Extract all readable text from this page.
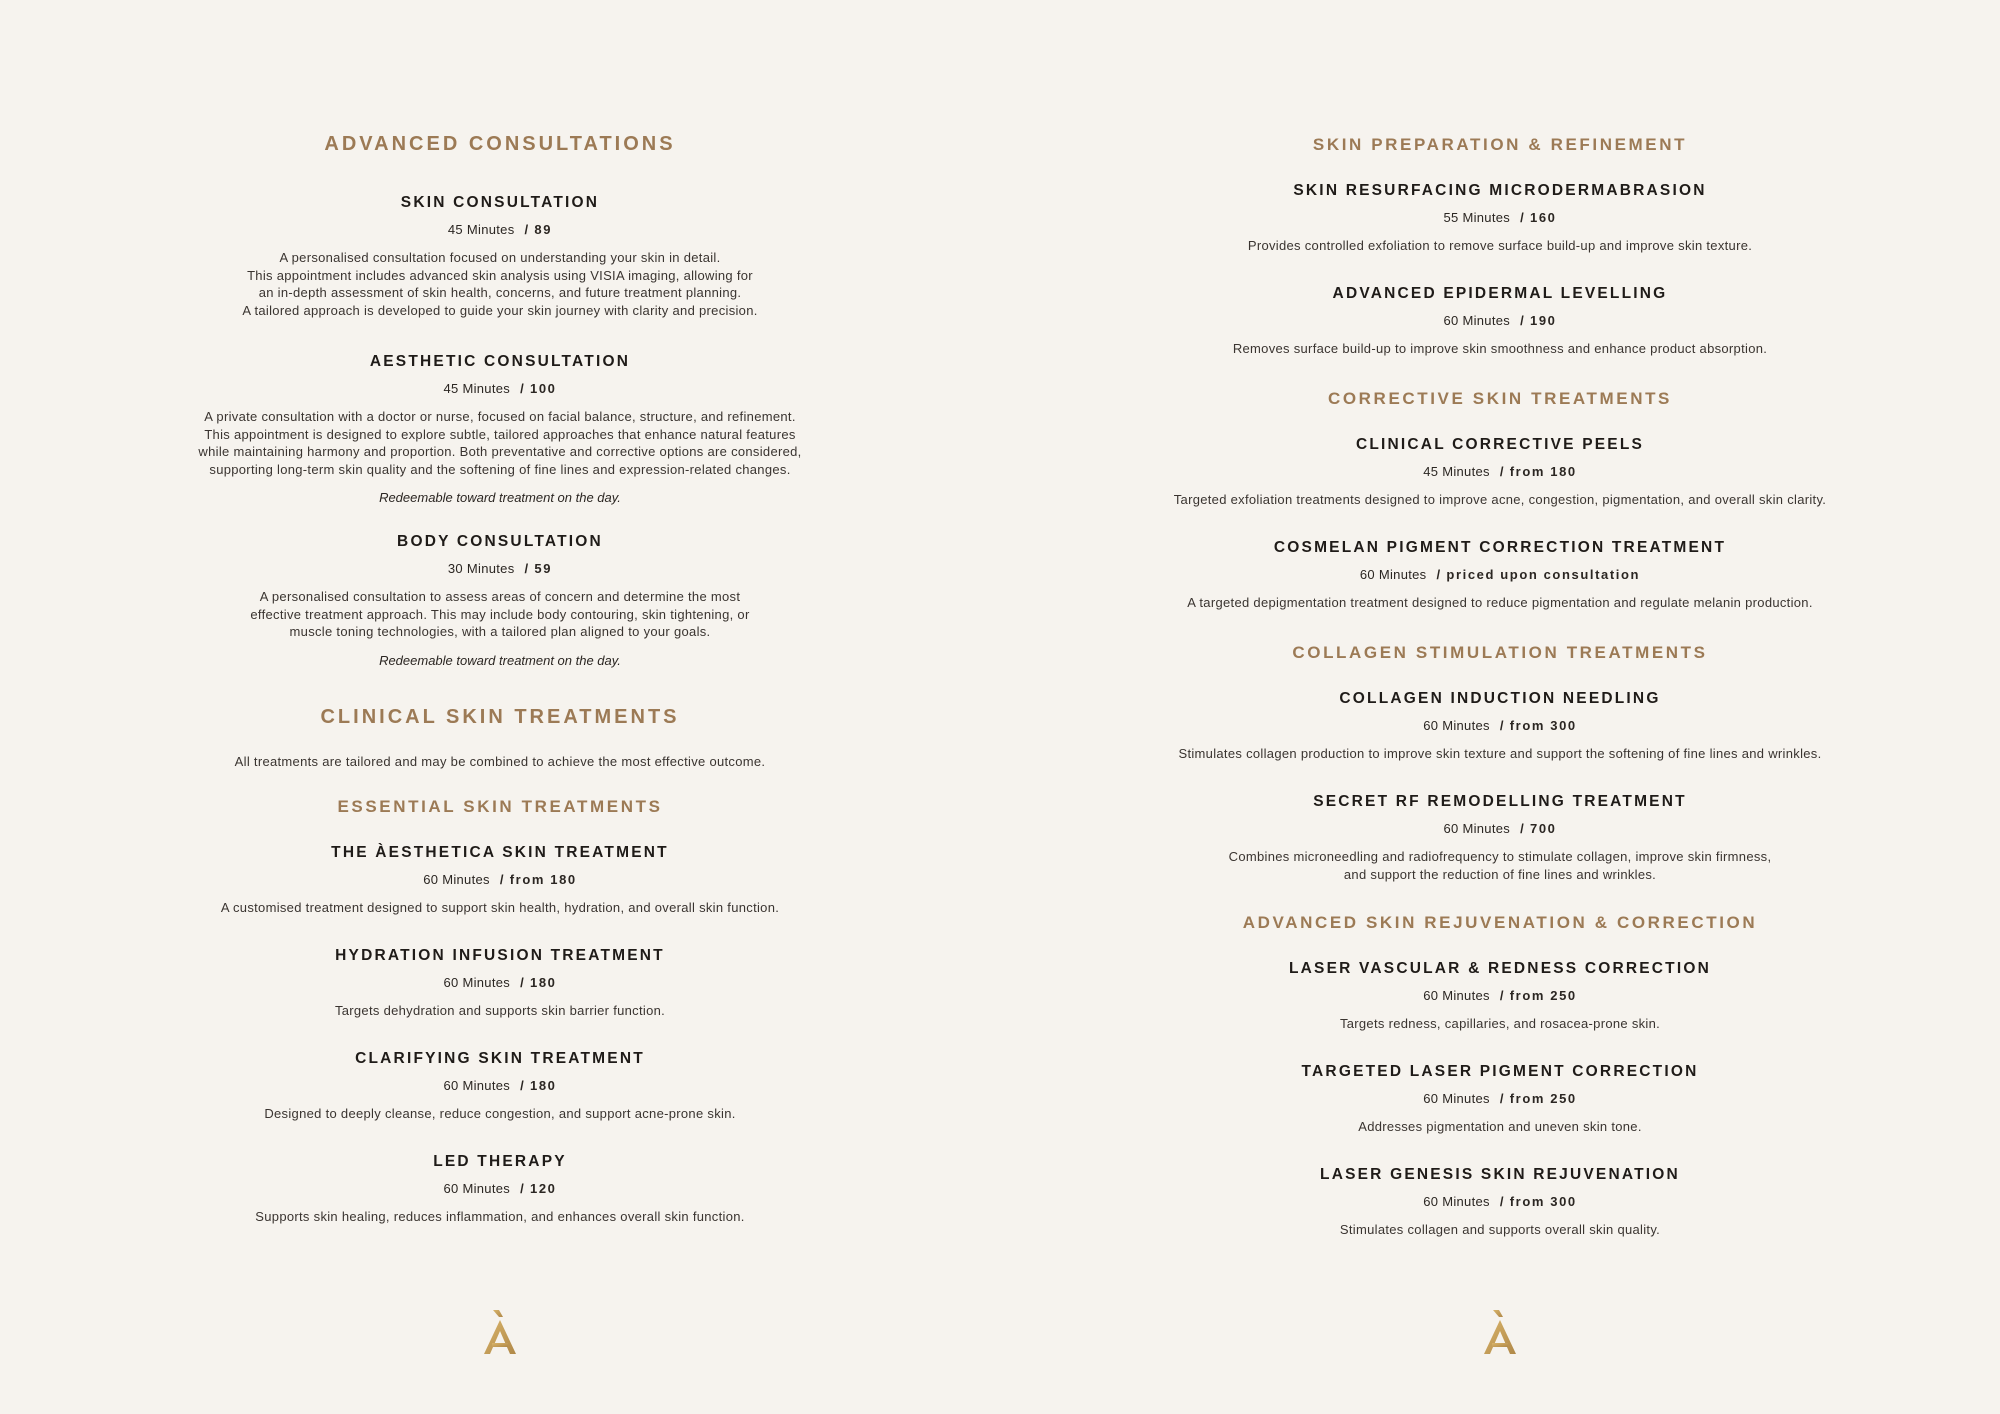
ADVANCED CONSULTATIONS
SKIN CONSULTATION
45 Minutes / 89
A personalised consultation focused on understanding your skin in detail.
This appointment includes advanced skin analysis using VISIA imaging, allowing for
an in-depth assessment of skin health, concerns, and future treatment planning.
A tailored approach is developed to guide your skin journey with clarity and precision.
AESTHETIC CONSULTATION
45 Minutes / 100
A private consultation with a doctor or nurse, focused on facial balance, structure, and refinement.
This appointment is designed to explore subtle, tailored approaches that enhance natural features
while maintaining harmony and proportion. Both preventative and corrective options are considered,
supporting long-term skin quality and the softening of fine lines and expression-related changes.
Redeemable toward treatment on the day.
BODY CONSULTATION
30 Minutes / 59
A personalised consultation to assess areas of concern and determine the most
effective treatment approach. This may include body contouring, skin tightening, or
muscle toning technologies, with a tailored plan aligned to your goals.
Redeemable toward treatment on the day.
CLINICAL SKIN TREATMENTS
All treatments are tailored and may be combined to achieve the most effective outcome.
ESSENTIAL SKIN TREATMENTS
THE ÀESTHETICA SKIN TREATMENT
60 Minutes / from 180
A customised treatment designed to support skin health, hydration, and overall skin function.
HYDRATION INFUSION TREATMENT
60 Minutes / 180
Targets dehydration and supports skin barrier function.
CLARIFYING SKIN TREATMENT
60 Minutes / 180
Designed to deeply cleanse, reduce congestion, and support acne-prone skin.
LED THERAPY
60 Minutes / 120
Supports skin healing, reduces inflammation, and enhances overall skin function.
SKIN PREPARATION & REFINEMENT
SKIN RESURFACING MICRODERMABRASION
55 Minutes / 160
Provides controlled exfoliation to remove surface build-up and improve skin texture.
ADVANCED EPIDERMAL LEVELLING
60 Minutes / 190
Removes surface build-up to improve skin smoothness and enhance product absorption.
CORRECTIVE SKIN TREATMENTS
CLINICAL CORRECTIVE PEELS
45 Minutes / from 180
Targeted exfoliation treatments designed to improve acne, congestion, pigmentation, and overall skin clarity.
COSMELAN PIGMENT CORRECTION TREATMENT
60 Minutes / priced upon consultation
A targeted depigmentation treatment designed to reduce pigmentation and regulate melanin production.
COLLAGEN STIMULATION TREATMENTS
COLLAGEN INDUCTION NEEDLING
60 Minutes / from 300
Stimulates collagen production to improve skin texture and support the softening of fine lines and wrinkles.
SECRET RF REMODELLING TREATMENT
60 Minutes / 700
Combines microneedling and radiofrequency to stimulate collagen, improve skin firmness,
and support the reduction of fine lines and wrinkles.
ADVANCED SKIN REJUVENATION & CORRECTION
LASER VASCULAR & REDNESS CORRECTION
60 Minutes / from 250
Targets redness, capillaries, and rosacea-prone skin.
TARGETED LASER PIGMENT CORRECTION
60 Minutes / from 250
Addresses pigmentation and uneven skin tone.
LASER GENESIS SKIN REJUVENATION
60 Minutes / from 300
Stimulates collagen and supports overall skin quality.
